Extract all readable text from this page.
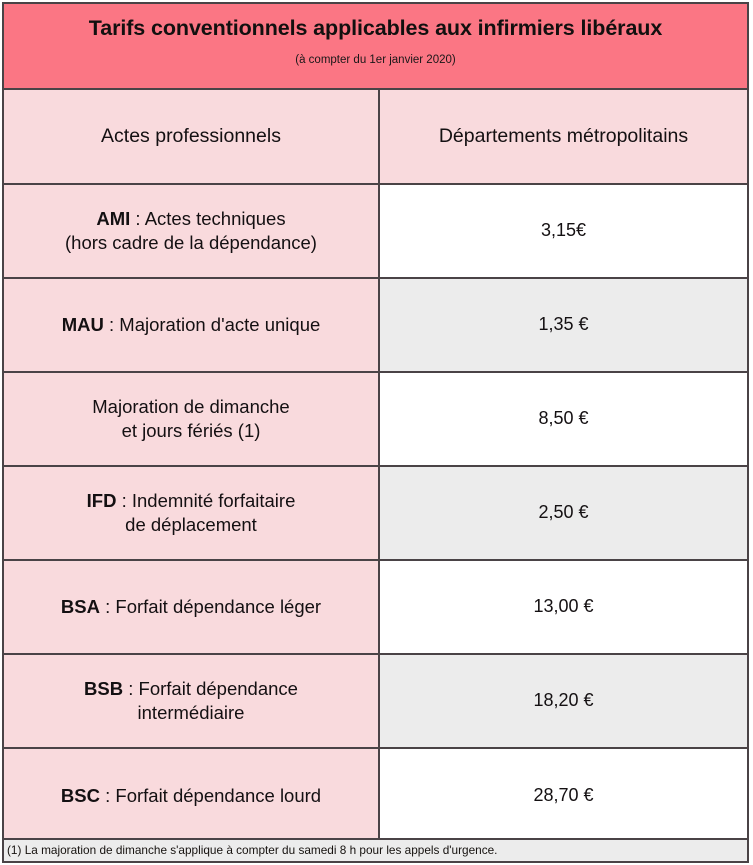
Tarifs conventionnels applicables aux infirmiers libéraux
(à compter du 1er janvier 2020)
Actes professionnels	Départements métropolitains
AMI : Actes techniques
(hors cadre de la dépendance)	3,15€
MAU : Majoration d'acte unique	1,35 €
Majoration de dimanche
et jours fériés (1)	8,50 €
IFD : Indemnité forfaitaire
de déplacement	2,50 €
BSA : Forfait dépendance léger	13,00 €
BSB : Forfait dépendance
intermédiaire	18,20 €
BSC : Forfait dépendance lourd	28,70 €
(1) La majoration de dimanche s'applique à compter du samedi 8 h pour les appels d'urgence.
